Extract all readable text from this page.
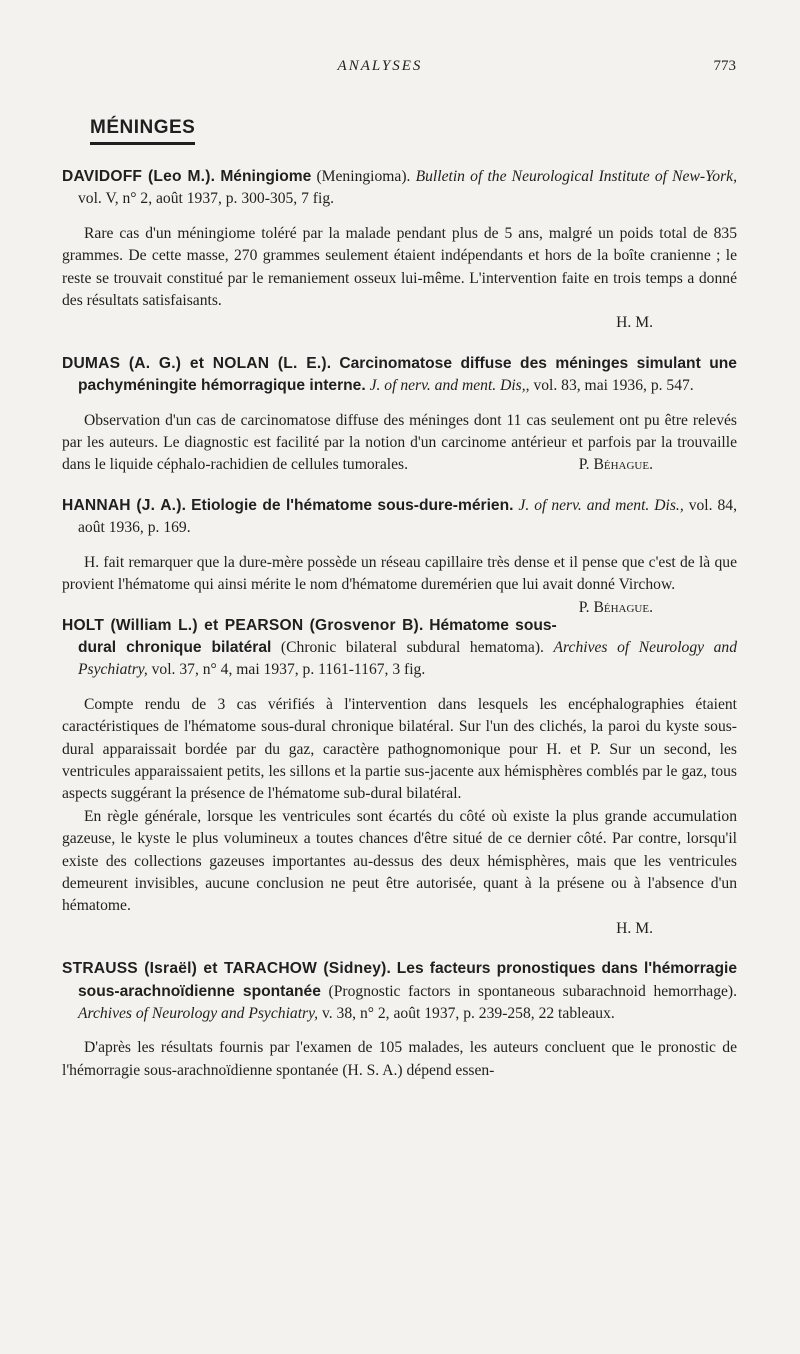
ANALYSES	773
MÉNINGES
DAVIDOFF (Leo M.). Méningiome (Meningioma). Bulletin of the Neurological Institute of New-York, vol. V, n° 2, août 1937, p. 300-305, 7 fig.

Rare cas d'un méningiome toléré par la malade pendant plus de 5 ans, malgré un poids total de 835 grammes. De cette masse, 270 grammes seulement étaient indépendants et hors de la boîte cranienne ; le reste se trouvait constitué par le remaniement osseux lui-même. L'intervention faite en trois temps a donné des résultats satisfaisants.

H. M.
DUMAS (A. G.) et NOLAN (L. E.). Carcinomatose diffuse des méninges simulant une pachyméningite hémorragique interne. J. of nerv. and ment. Dis,, vol. 83, mai 1936, p. 547.

Observation d'un cas de carcinomatose diffuse des méninges dont 11 cas seulement ont pu être relevés par les auteurs. Le diagnostic est facilité par la notion d'un carcinome antérieur et parfois par la trouvaille dans le liquide céphalo-rachidien de cellules tumorales.	P. Béhague.

HANNAH (J. A.). Etiologie de l'hématome sous-dure-mérien. J. of nerv. and ment. Dis., vol. 84, août 1936, p. 169.

H. fait remarquer que la dure-mère possède un réseau capillaire très dense et il pense que c'est de là que provient l'hématome qui ainsi mérite le nom d'hématome duremérien que lui avait donné Virchow.
P. Béhague.

HOLT (William L.) et PEARSON (Grosvenor B). Hématome sous-dural chronique bilatéral (Chronic bilateral subdural hematoma). Archives of Neurology and Psychiatry, vol. 37, n° 4, mai 1937, p. 1161-1167, 3 fig.

Compte rendu de 3 cas vérifiés à l'intervention dans lesquels les encéphalographies étaient caractéristiques de l'hématome sous-dural chronique bilatéral. Sur l'un des clichés, la paroi du kyste sous-dural apparaissait bordée par du gaz, caractère pathognomonique pour H. et P. Sur un second, les ventricules apparaissaient petits, les sillons et la partie sus-jacente aux hémisphères comblés par le gaz, tous aspects suggérant la présence de l'hématome sub-dural bilatéral.

En règle générale, lorsque les ventricules sont écartés du côté où existe la plus grande accumulation gazeuse, le kyste le plus volumineux a toutes chances d'être situé de ce dernier côté. Par contre, lorsqu'il existe des collections gazeuses importantes au-dessus des deux hémisphères, mais que les ventricules demeurent invisibles, aucune conclusion ne peut être autorisée, quant à la présene ou à l'absence d'un hématome.

H. M.
STRAUSS (Israël) et TARACHOW (Sidney). Les facteurs pronostiques dans l'hémorragie sous-arachnoïdienne spontanée (Prognostic factors in spontaneous subarachnoid hemorrhage). Archives of Neurology and Psychiatry, v. 38, n° 2, août 1937, p. 239-258, 22 tableaux.

D'après les résultats fournis par l'examen de 105 malades, les auteurs concluent que le pronostic de l'hémorragie sous-arachnoïdienne spontanée (H. S. A.) dépend essen-
